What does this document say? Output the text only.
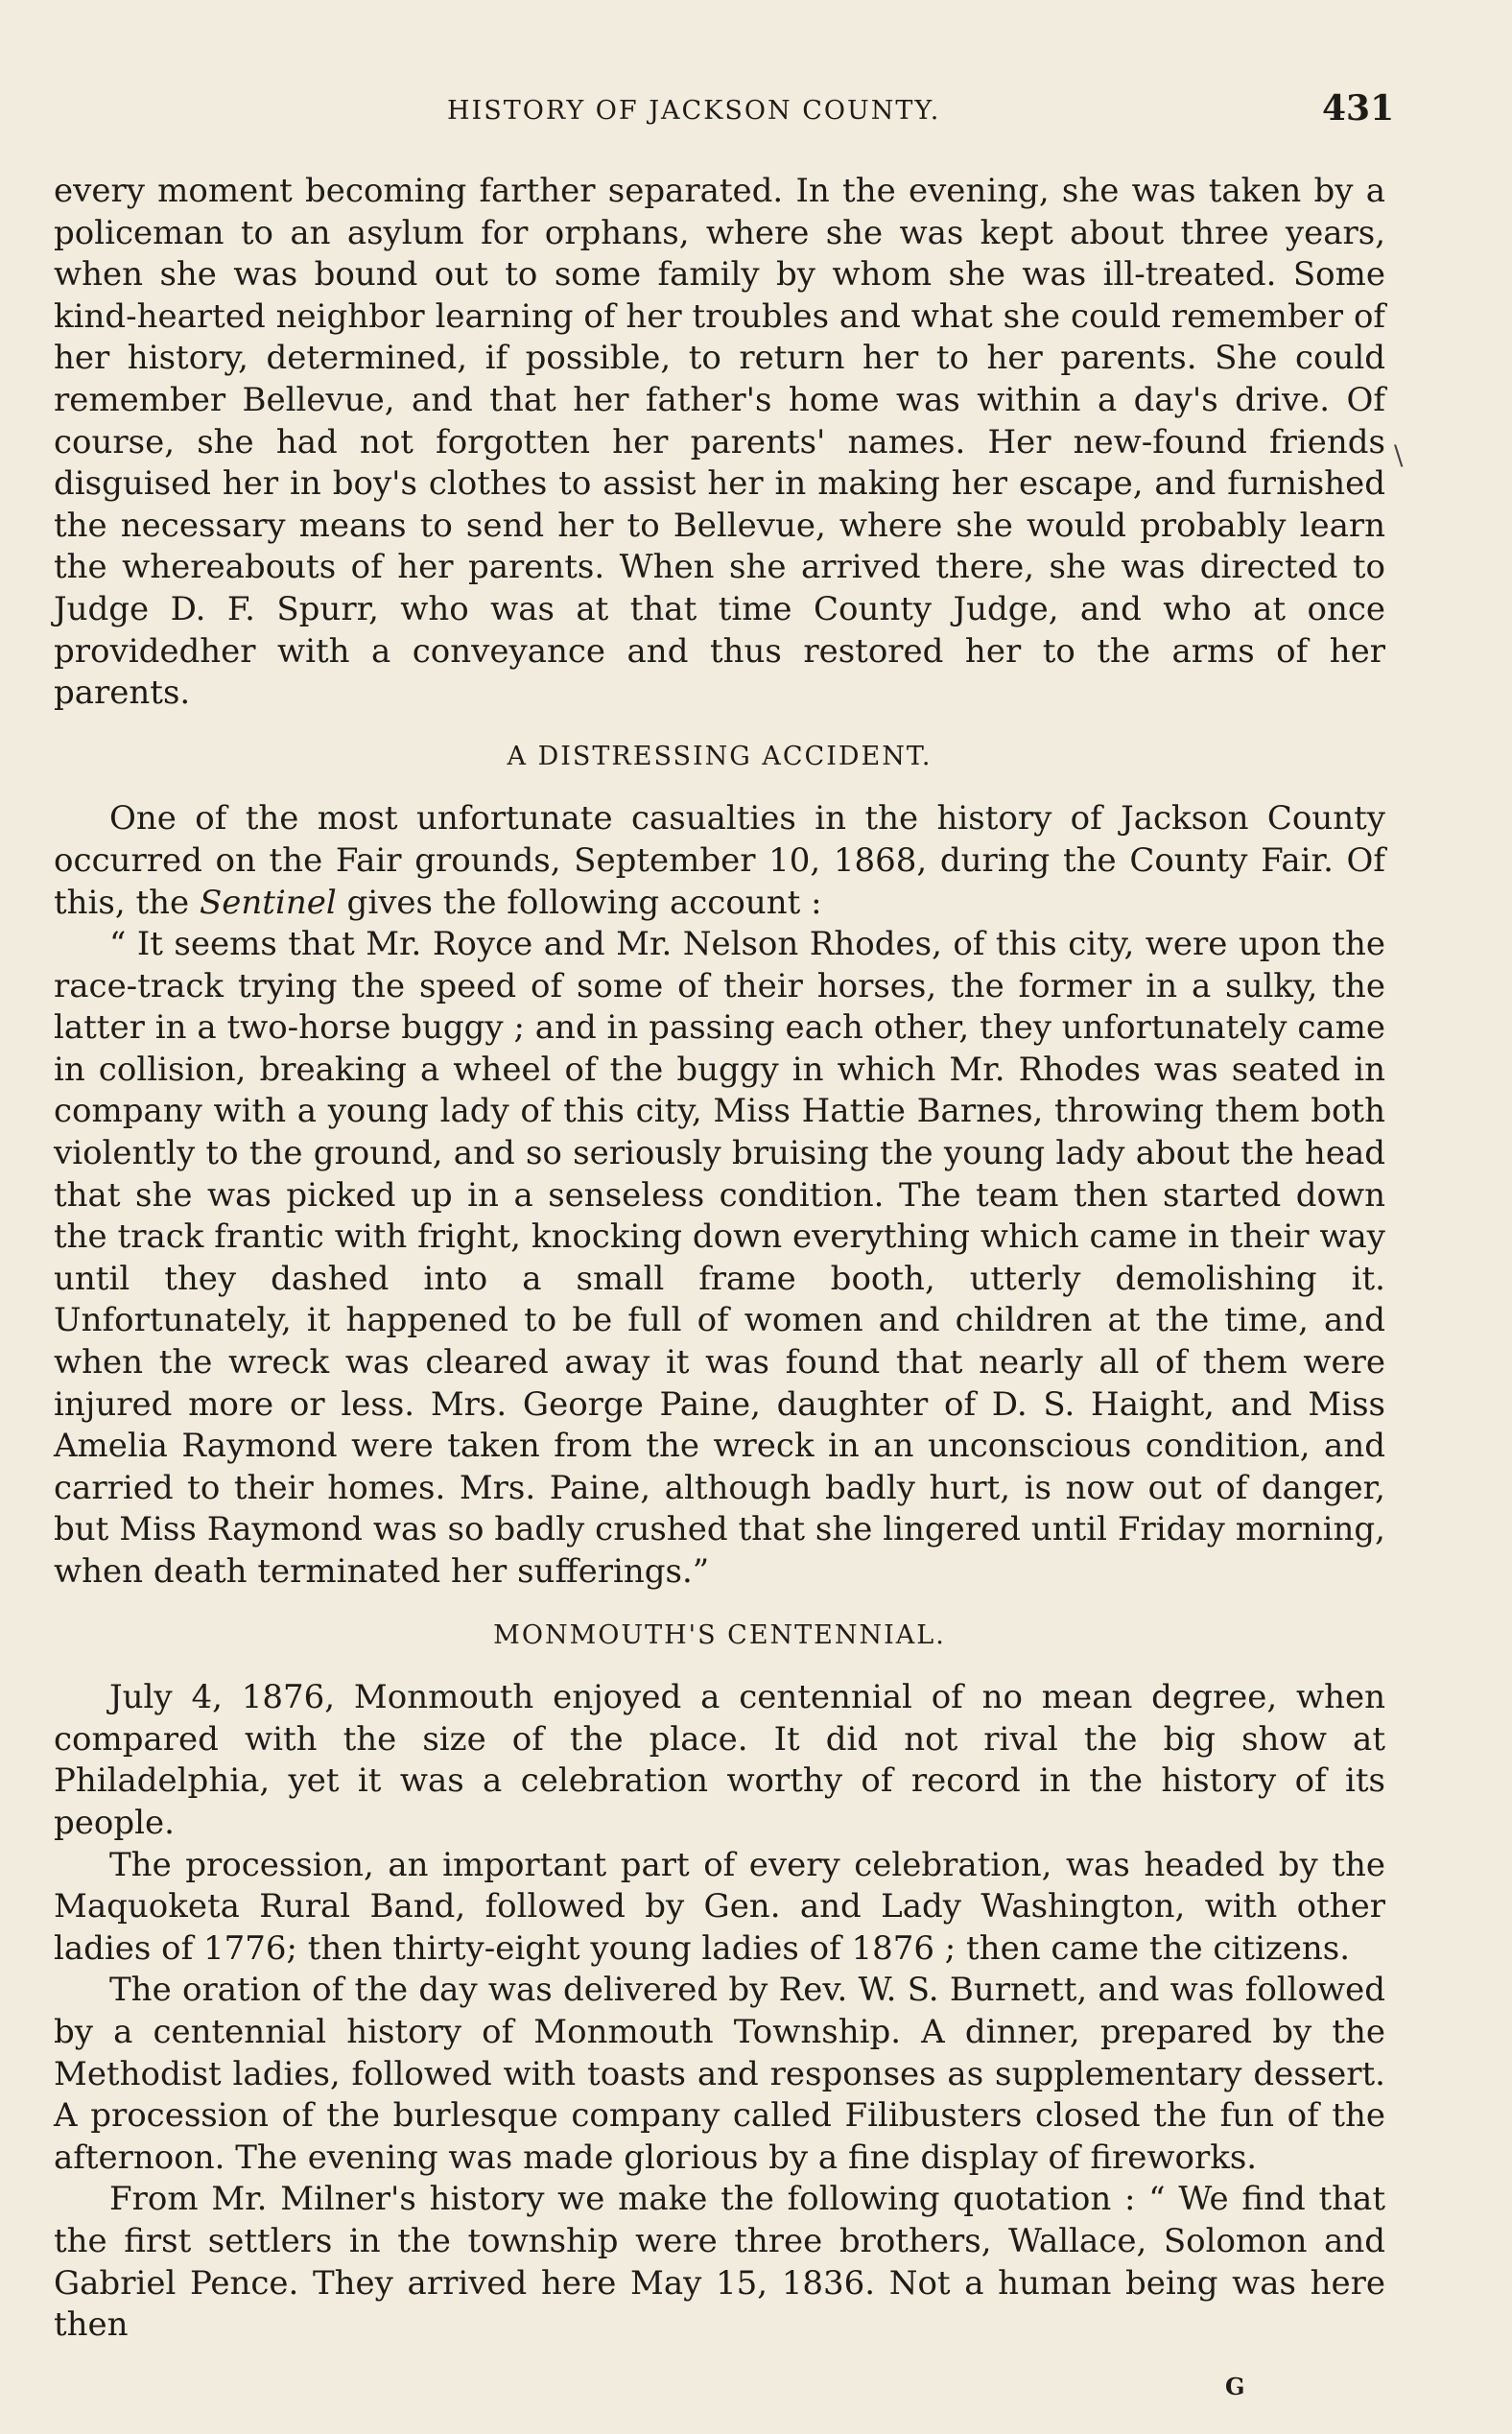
HISTORY OF JACKSON COUNTY.	431
\

every moment becoming farther separated. In the evening, she was taken by a policeman to an asylum for orphans, where she was kept about three years, when she was bound out to some family by whom she was ill-treated. Some kind-hearted neighbor learning of her troubles and what she could remember of her history, determined, if possible, to return her to her parents. She could remember Bellevue, and that her father's home was within a day's drive. Of course, she had not forgotten her parents' names. Her new-found friends disguised her in boy's clothes to assist her in making her escape, and furnished the necessary means to send her to Bellevue, where she would probably learn the whereabouts of her parents. When she arrived there, she was directed to Judge D. F. Spurr, who was at that time County Judge, and who at once providedher with a conveyance and thus restored her to the arms of her parents.

A DISTRESSING ACCIDENT.

One of the most unfortunate casualties in the history of Jackson County occurred on the Fair grounds, September 10, 1868, during the County Fair. Of this, the Sentinel gives the following account :

“ It seems that Mr. Royce and Mr. Nelson Rhodes, of this city, were upon the race-track trying the speed of some of their horses, the former in a sulky, the latter in a two-horse buggy ; and in passing each other, they unfortunately came in collision, breaking a wheel of the buggy in which Mr. Rhodes was seated in company with a young lady of this city, Miss Hattie Barnes, throwing them both violently to the ground, and so seriously bruising the young lady about the head that she was picked up in a senseless condition. The team then started down the track frantic with fright, knocking down everything which came in their way until they dashed into a small frame booth, utterly demolishing it. Unfortunately, it happened to be full of women and children at the time, and when the wreck was cleared away it was found that nearly all of them were injured more or less. Mrs. George Paine, daughter of D. S. Haight, and Miss Amelia Raymond were taken from the wreck in an unconscious condition, and carried to their homes. Mrs. Paine, although badly hurt, is now out of danger, but Miss Raymond was so badly crushed that she lingered until Friday morning, when death terminated her sufferings.”

MONMOUTH'S CENTENNIAL.

July 4, 1876, Monmouth enjoyed a centennial of no mean degree, when compared with the size of the place. It did not rival the big show at Philadelphia, yet it was a celebration worthy of record in the history of its people.

The procession, an important part of every celebration, was headed by the Maquoketa Rural Band, followed by Gen. and Lady Washington, with other ladies of 1776; then thirty-eight young ladies of 1876 ; then came the citizens.

The oration of the day was delivered by Rev. W. S. Burnett, and was followed by a centennial history of Monmouth Township. A dinner, prepared by the Methodist ladies, followed with toasts and responses as supplementary dessert. A procession of the burlesque company called Filibusters closed the fun of the afternoon. The evening was made glorious by a fine display of fireworks.

From Mr. Milner's history we make the following quotation : “ We find that the first settlers in the township were three brothers, Wallace, Solomon and Gabriel Pence. They arrived here May 15, 1836. Not a human being was here then

G
